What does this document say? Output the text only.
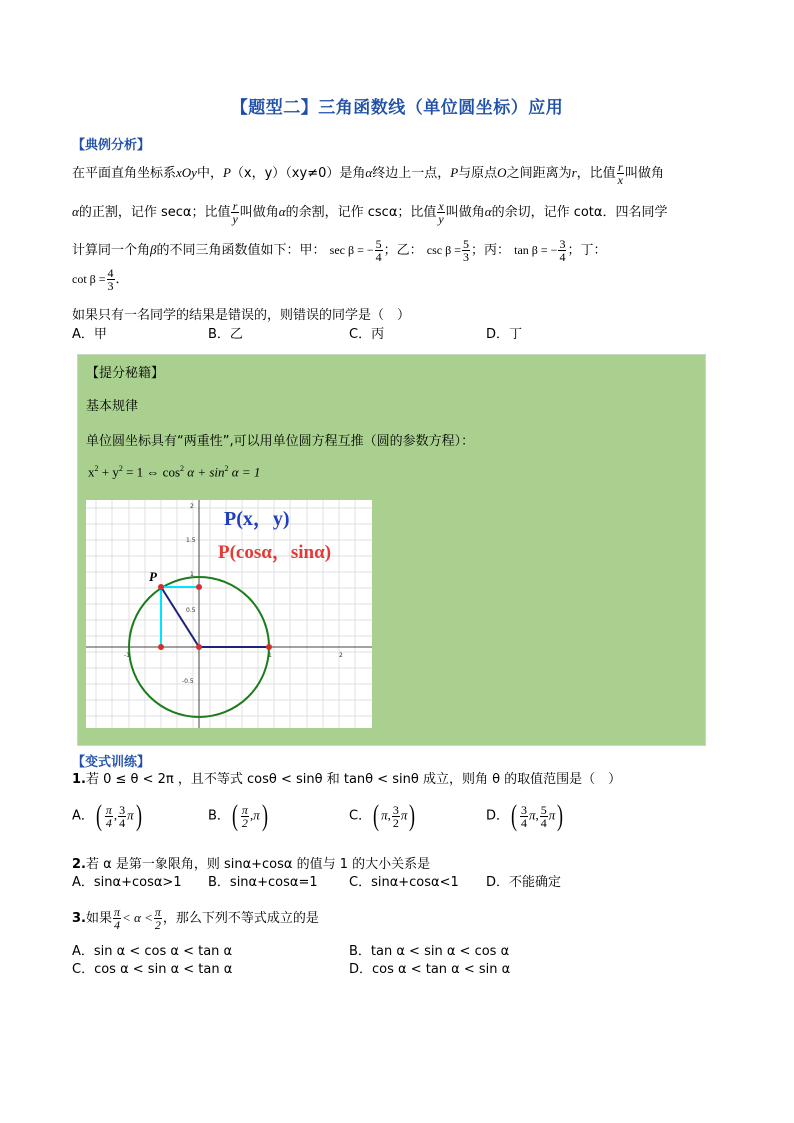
【题型二】三角函数线（单位圆坐标）应用
【典例分析】
在平面直角坐标系xOy中，P（x，y）（xy≠0）是角α终边上一点，P与原点O之间距离为r，比值 $\frac{r}{x}$ 叫做角
α的正割，记作 secα；比值 $\frac{r}{y}$ 叫做角α的余割，记作 cscα；比值 $\frac{x}{y}$ 叫做角α的余切，记作 cotα．四名同学
计算同一个角β的不同三角函数值如下：甲： sec β = − $\frac{5}{4}$ ；乙： $\csc \beta = \frac{5}{3}$ ；丙： tan β = − $\frac{3}{4}$ ；丁：
$\cot \beta = \frac{4}{3}$ ．
如果只有一名同学的结果是错误的，则错误的同学是（　）
A．甲	B．乙	C．丙	D．丁
【提分秘籍】
基本规律
单位圆坐标具有“两重性”,可以用单位圆方程互推（圆的参数方程）：
$x^2 + y^2 = 1$ ⇔ $\cos^2 \alpha + \sin^2 \alpha = 1$
2
1.5
1
0.5
-0.5
-1	1	2
P
P(x，y)
P(cosα，sinα)
【变式训练】
1.若 0 ≤ θ < 2π ，且不等式 cosθ < sinθ 和 tanθ < sinθ 成立，则角 θ 的取值范围是（　）
A．( $\frac{\pi}{4}$ , $\frac{3}{4} \pi$)	B．( $\frac{\pi}{2} ,\pi$)	C．( π, $\frac{3}{2} \pi$)	D．( $\frac{3}{4} \pi$, $\frac{5}{4} \pi$)
2.若 α 是第一象限角，则 sinα+cosα 的值与 1 的大小关系是
A．sinα+cosα>1 B．sinα+cosα=1 C．sinα+cosα<1 D．不能确定
3.如果 $\frac{\pi}{4} < \alpha < \frac{\pi}{2}$ ，那么下列不等式成立的是
A．sin α < cos α < tan α	B．tan α < sin α < cos α
C．cos α < sin α < tan α	D．cos α < tan α < sin α
